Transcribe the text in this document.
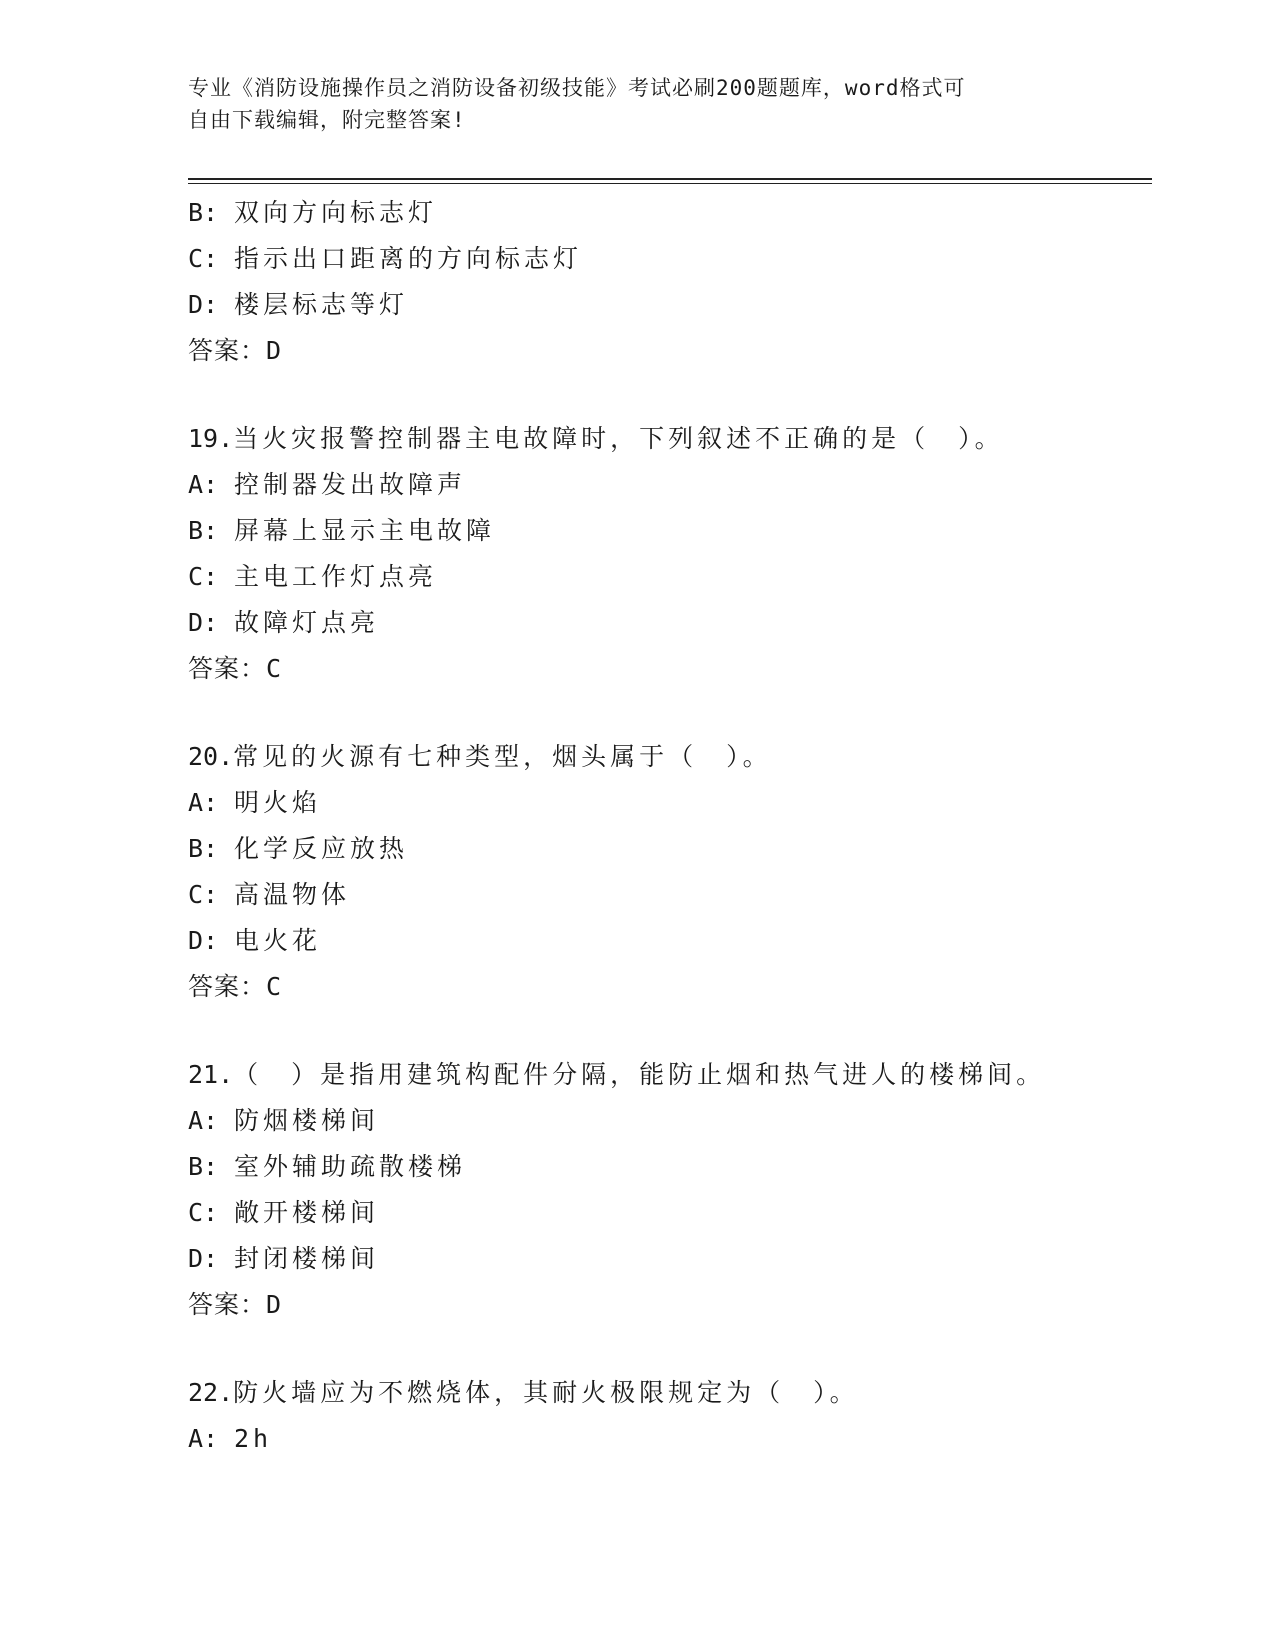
专业《消防设施操作员之消防设备初级技能》考试必刷200题题库，word格式可
自由下载编辑，附完整答案!
B: 双向方向标志灯
C: 指示出口距离的方向标志灯
D: 楼层标志等灯
答案：D
19.当火灾报警控制器主电故障时，下列叙述不正确的是（　）。
A: 控制器发出故障声
B: 屏幕上显示主电故障
C: 主电工作灯点亮
D: 故障灯点亮
答案：C
20.常见的火源有七种类型，烟头属于（　）。
A: 明火焰
B: 化学反应放热
C: 高温物体
D: 电火花
答案：C
21.（　）是指用建筑构配件分隔，能防止烟和热气进人的楼梯间。
A: 防烟楼梯间
B: 室外辅助疏散楼梯
C: 敞开楼梯间
D: 封闭楼梯间
答案：D
22.防火墙应为不燃烧体，其耐火极限规定为（　）。
A: 2h
